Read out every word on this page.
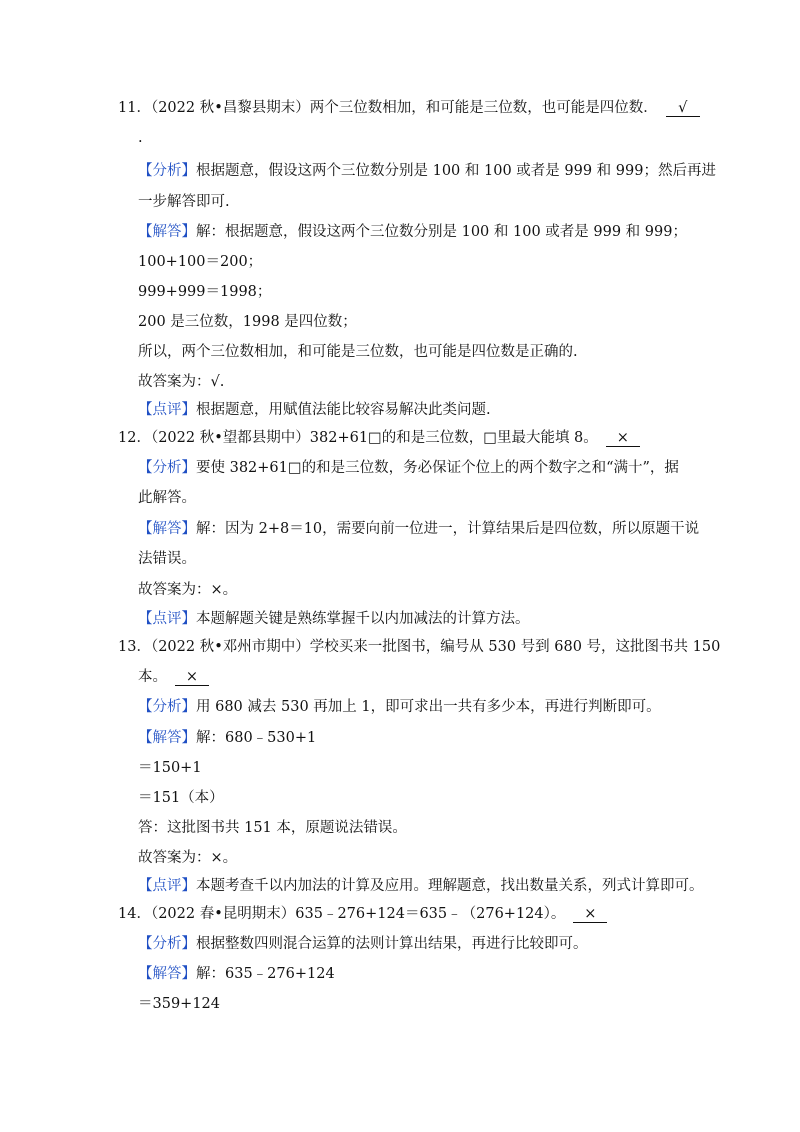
11．（2022 秋•昌黎县期末）两个三位数相加，和可能是三位数，也可能是四位数． √
.
【分析】根据题意，假设这两个三位数分别是 100 和 100 或者是 999 和 999；然后再进
一步解答即可.
【解答】解：根据题意，假设这两个三位数分别是 100 和 100 或者是 999 和 999；
100+100＝200；
999+999＝1998；
200 是三位数，1998 是四位数；
所以，两个三位数相加，和可能是三位数，也可能是四位数是正确的.
故答案为：√.
【点评】根据题意，用赋值法能比较容易解决此类问题.
12．（2022 秋•望都县期中）382+61□的和是三位数，□里最大能填 8。 ×
【分析】要使 382+61□的和是三位数，务必保证个位上的两个数字之和“满十”，据
此解答。
【解答】解：因为 2+8＝10，需要向前一位进一，计算结果后是四位数，所以原题干说
法错误。
故答案为：×。
【点评】本题解题关键是熟练掌握千以内加减法的计算方法。
13．（2022 秋•邓州市期中）学校买来一批图书，编号从 530 号到 680 号，这批图书共 150
本。 ×
【分析】用 680 减去 530 再加上 1，即可求出一共有多少本，再进行判断即可。
【解答】解：680﹣530+1
＝150+1
＝151（本）
答：这批图书共 151 本，原题说法错误。
故答案为：×。
【点评】本题考查千以内加法的计算及应用。理解题意，找出数量关系，列式计算即可。
14．（2022 春•昆明期末）635﹣276+124＝635﹣（276+124）。 ×
【分析】根据整数四则混合运算的法则计算出结果，再进行比较即可。
【解答】解：635﹣276+124
＝359+124
